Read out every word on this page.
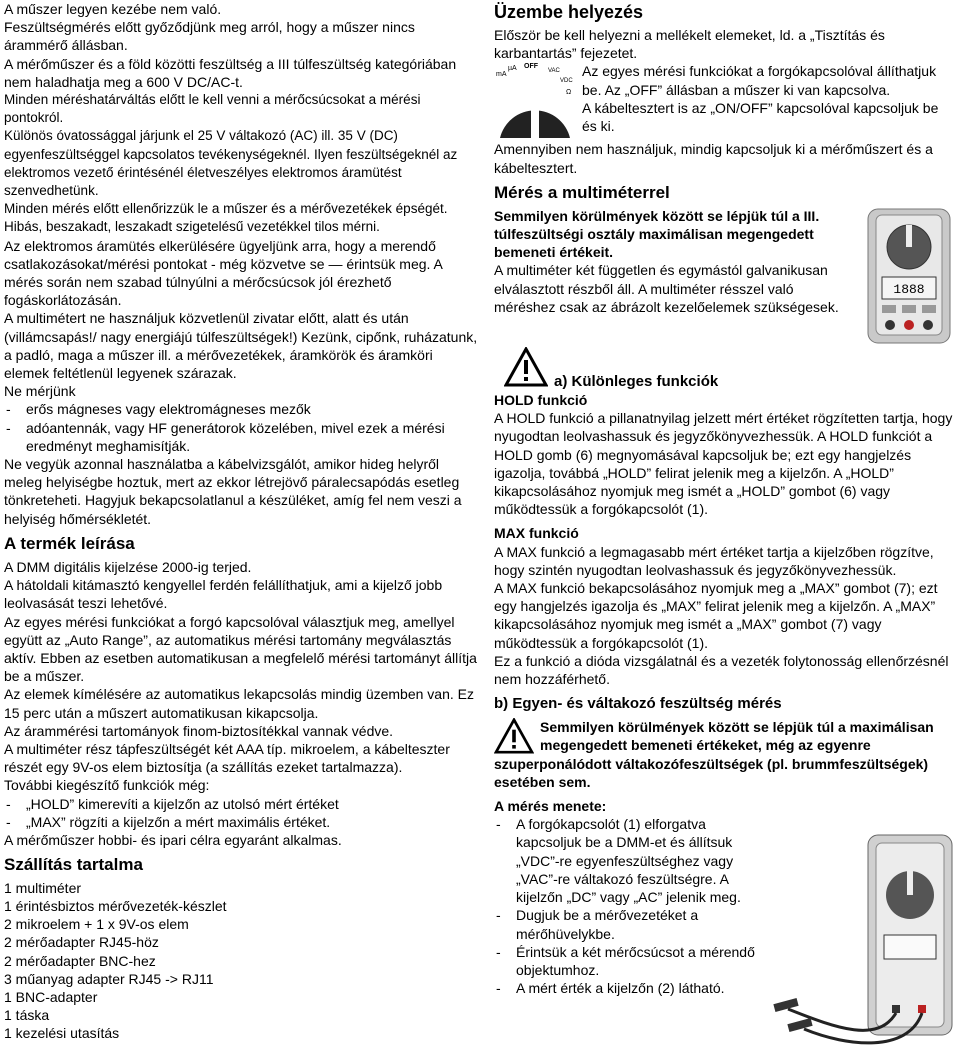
A műszer legyen kezébe nem való.

Feszültségmérés előtt győződjünk meg arról, hogy a műszer nincs árammérő állásban.

A mérőműszer és a föld közötti feszültség a III túlfeszültség kategóriában nem haladhatja meg a 600 V DC/AC-t.

Minden méréshatárváltás előtt le kell venni a mérőcsúcsokat a mérési pontokról.

Különös óvatossággal járjunk el 25 V váltakozó (AC) ill. 35 V (DC) egyenfeszültséggel kapcsolatos tevékenységeknél. Ilyen feszültségeknél az elektromos vezető érintésénél életveszélyes elektromos áramütést szenvedhetünk.

Minden mérés előtt ellenőrizzük le a műszer és a mérővezetékek épségét. Hibás, beszakadt, leszakadt szigetelésű vezetékkel tilos mérni.

Az elektromos áramütés elkerülésére ügyeljünk arra, hogy a merendő csatlakozásokat/mérési pontokat - még közvetve se — érintsük meg. A mérés során nem szabad túlnyúlni a mérőcsúcsok jól érezhető fogáskorlátozásán.

A multimétert ne használjuk közvetlenül zivatar előtt, alatt és után (villámcsapás!/ nagy energiájú túlfeszültségek!) Kezünk, cipőnk, ruházatunk, a padló, maga a műszer ill. a mérővezetékek, áramkörök és áramköri elemek feltétlenül legyenek szárazak.

Ne mérjünk

- erős mágneses vagy elektromágneses mezők
- adóantennák, vagy HF generátorok közelében, mivel ezek a mérési eredményt meghamisítják.

Ne vegyük azonnal használatba a kábelvizsgálót, amikor hideg helyről meleg helyiségbe hoztuk, mert az ekkor létrejövő páralecsapódás esetleg tönkreteheti. Hagyjuk bekapcsolatlanul a készüléket, amíg fel nem veszi a helyiség hőmérsékletét.

A termék leírása

A DMM digitális kijelzése 2000-ig terjed.

A hátoldali kitámasztó kengyellel ferdén felállíthatjuk, ami a kijelző jobb leolvasását teszi lehetővé.

Az egyes mérési funkciókat a forgó kapcsolóval választjuk meg, amellyel együtt az „Auto Range”, az automatikus mérési tartomány megválasztás aktív. Ebben az esetben automatikusan a megfelelő mérési tartományt állítja be a műszer.

Az elemek kímélésére az automatikus lekapcsolás mindig üzemben van. Ez 15 perc után a műszert automatikusan kikapcsolja.

Az árammérési tartományok finom-biztosítékkal vannak védve.

A multiméter rész tápfeszültségét két AAA típ. mikroelem, a kábelteszter részét egy 9V-os elem biztosítja (a szállítás ezeket tartalmazza).

További kiegészítő funkciók még:

- „HOLD” kimerevíti a kijelzőn az utolsó mért értéket
- „MAX” rögzíti a kijelzőn a mért maximális értéket.

A mérőműszer hobbi- és ipari célra egyaránt alkalmas.

Szállítás tartalma
1 multiméter
1 érintésbiztos mérővezeték-készlet
2 mikroelem + 1 x 9V-os elem
2 mérőadapter RJ45-höz
2 mérőadapter BNC-hez
3 műanyag adapter RJ45 -> RJ11
1 BNC-adapter
1 táska
1 kezelési utasítás
Üzembe helyezés

Először be kell helyezni a mellékelt elemeket, ld. a „Tisztítás és karbantartás” fejezetet.

mA
µA OFF
VAC
VDC
Ω

Az egyes mérési funkciókat a forgókapcsolóval állíthatjuk be. Az „OFF” állásban a műszer ki van kapcsolva.

A kábeltesztert is az „ON/OFF” kapcsolóval kapcsoljuk be és ki.

Amennyiben nem használjuk, mindig kapcsoljuk ki a mérőműszert és a kábeltesztert.

Mérés a multiméterrel
1888
Semmilyen körülmények között se lépjük túl a III. túlfeszültségi osztály maximálisan megengedett bemeneti értékeit.

A multiméter két független és egymástól galvanikusan elválasztott részből áll. A multiméter résszel való méréshez csak az ábrázolt kezelőelemek szükségesek.

a) Különleges funkciók
HOLD funkció

A HOLD funkció a pillanatnyilag jelzett mért értéket rögzítetten tartja, hogy nyugodtan leolvashassuk és jegyzőkönyvezhessük. A HOLD funkciót a HOLD gomb (6) megnyomásával kapcsoljuk be; ezt egy hangjelzés igazolja, továbbá „HOLD” felirat jelenik meg a kijelzőn. A „HOLD” kikapcsolásához nyomjuk meg ismét a „HOLD” gombot (6) vagy működtessük a forgókapcsolót (1).

MAX funkció

A MAX funkció a legmagasabb mért értéket tartja a kijelzőben rögzítve, hogy szintén nyugodtan leolvashassuk és jegyzőkönyvezhessük.

A MAX funkció bekapcsolásához nyomjuk meg a „MAX” gombot (7); ezt egy hangjelzés igazolja és „MAX” felirat jelenik meg a kijelzőn. A „MAX” kikapcsolásához nyomjuk meg ismét a „MAX” gombot (7) vagy működtessük a forgókapcsolót (1).

Ez a funkció a dióda vizsgálatnál és a vezeték folytonosság ellenőrzésnél nem hozzáférhető.

b) Egyen- és váltakozó feszültség mérés
Semmilyen körülmények között se lépjük túl a maximálisan megengedett bemeneti értékeket, még az egyenre szuperponálódott váltakozófeszültségek (pl. brummfeszültségek) esetében sem.
A mérés menete:
- A forgókapcsolót (1) elforgatva kapcsoljuk be a DMM-et és állítsuk „VDC”-re egyenfeszültséghez vagy „VAC”-re váltakozó feszültségre. A kijelzőn „DC” vagy „AC” jelenik meg.
- Dugjuk be a mérővezetéket a mérőhüvelykbe.
- Érintsük a két mérőcsúcsot a mérendő objektumhoz.
- A mért érték a kijelzőn (2) látható.
